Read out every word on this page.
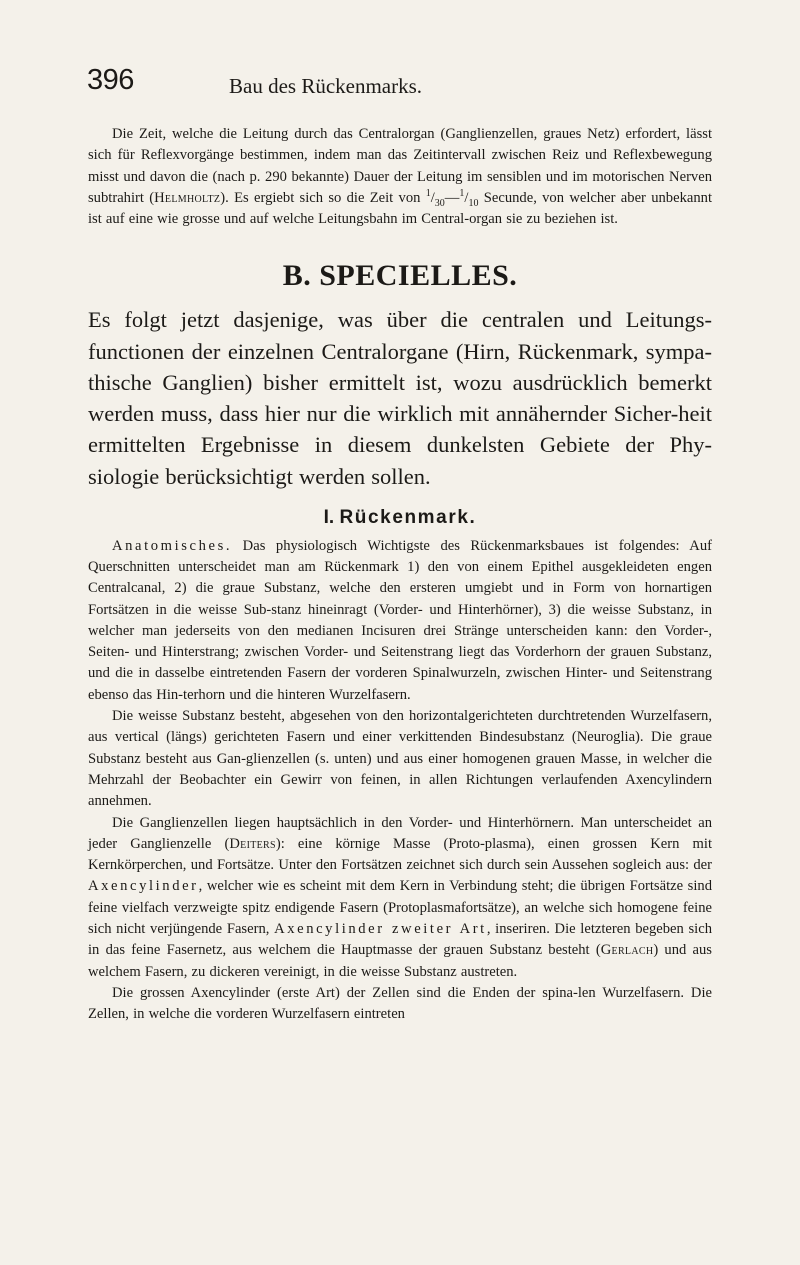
396	Bau des Rückenmarks.

Die Zeit, welche die Leitung durch das Centralorgan (Ganglienzellen, graues Netz) erfordert, lässt sich für Reflexvorgänge bestimmen, indem man das Zeitintervall zwischen Reiz und Reflexbewegung misst und davon die (nach p. 290 bekannte) Dauer der Leitung im sensiblen und im motorischen Nerven subtrahirt (Helmholtz). Es ergiebt sich so die Zeit von $^1/_{30}—^1/_{10}$ Secunde, von welcher aber unbekannt ist auf eine wie grosse und auf welche Leitungsbahn im Central-organ sie zu beziehen ist.

B. SPECIELLES.

Es folgt jetzt dasjenige, was über die centralen und Leitungs-functionen der einzelnen Centralorgane (Hirn, Rückenmark, sympa-thische Ganglien) bisher ermittelt ist, wozu ausdrücklich bemerkt werden muss, dass hier nur die wirklich mit annähernder Sicher-heit ermittelten Ergebnisse in diesem dunkelsten Gebiete der Phy-siologie berücksichtigt werden sollen.

I. Rückenmark.

Anatomisches. Das physiologisch Wichtigste des Rückenmarksbaues ist folgendes: Auf Querschnitten unterscheidet man am Rückenmark 1) den von einem Epithel ausgekleideten engen Centralcanal, 2) die graue Substanz, welche den ersteren umgiebt und in Form von hornartigen Fortsätzen in die weisse Sub-stanz hineinragt (Vorder- und Hinterhörner), 3) die weisse Substanz, in welcher man jederseits von den medianen Incisuren drei Stränge unterscheiden kann: den Vorder-, Seiten- und Hinterstrang; zwischen Vorder- und Seitenstrang liegt das Vorderhorn der grauen Substanz, und die in dasselbe eintretenden Fasern der vorderen Spinalwurzeln, zwischen Hinter- und Seitenstrang ebenso das Hin-terhorn und die hinteren Wurzelfasern.

Die weisse Substanz besteht, abgesehen von den horizontalgerichteten durchtretenden Wurzelfasern, aus vertical (längs) gerichteten Fasern und einer verkittenden Bindesubstanz (Neuroglia). Die graue Substanz besteht aus Gan-glienzellen (s. unten) und aus einer homogenen grauen Masse, in welcher die Mehrzahl der Beobachter ein Gewirr von feinen, in allen Richtungen verlaufenden Axencylindern annehmen.

Die Ganglienzellen liegen hauptsächlich in den Vorder- und Hinterhörnern. Man unterscheidet an jeder Ganglienzelle (Deiters): eine körnige Masse (Proto-plasma), einen grossen Kern mit Kernkörperchen, und Fortsätze. Unter den Fortsätzen zeichnet sich durch sein Aussehen sogleich aus: der Axencylinder, welcher wie es scheint mit dem Kern in Verbindung steht; die übrigen Fortsätze sind feine vielfach verzweigte spitz endigende Fasern (Protoplasmafortsätze), an welche sich homogene feine sich nicht verjüngende Fasern, Axencylinder zweiter Art, inseriren. Die letzteren begeben sich in das feine Fasernetz, aus welchem die Hauptmasse der grauen Substanz besteht (Gerlach) und aus welchem Fasern, zu dickeren vereinigt, in die weisse Substanz austreten.

Die grossen Axencylinder (erste Art) der Zellen sind die Enden der spina-len Wurzelfasern. Die Zellen, in welche die vorderen Wurzelfasern eintreten
